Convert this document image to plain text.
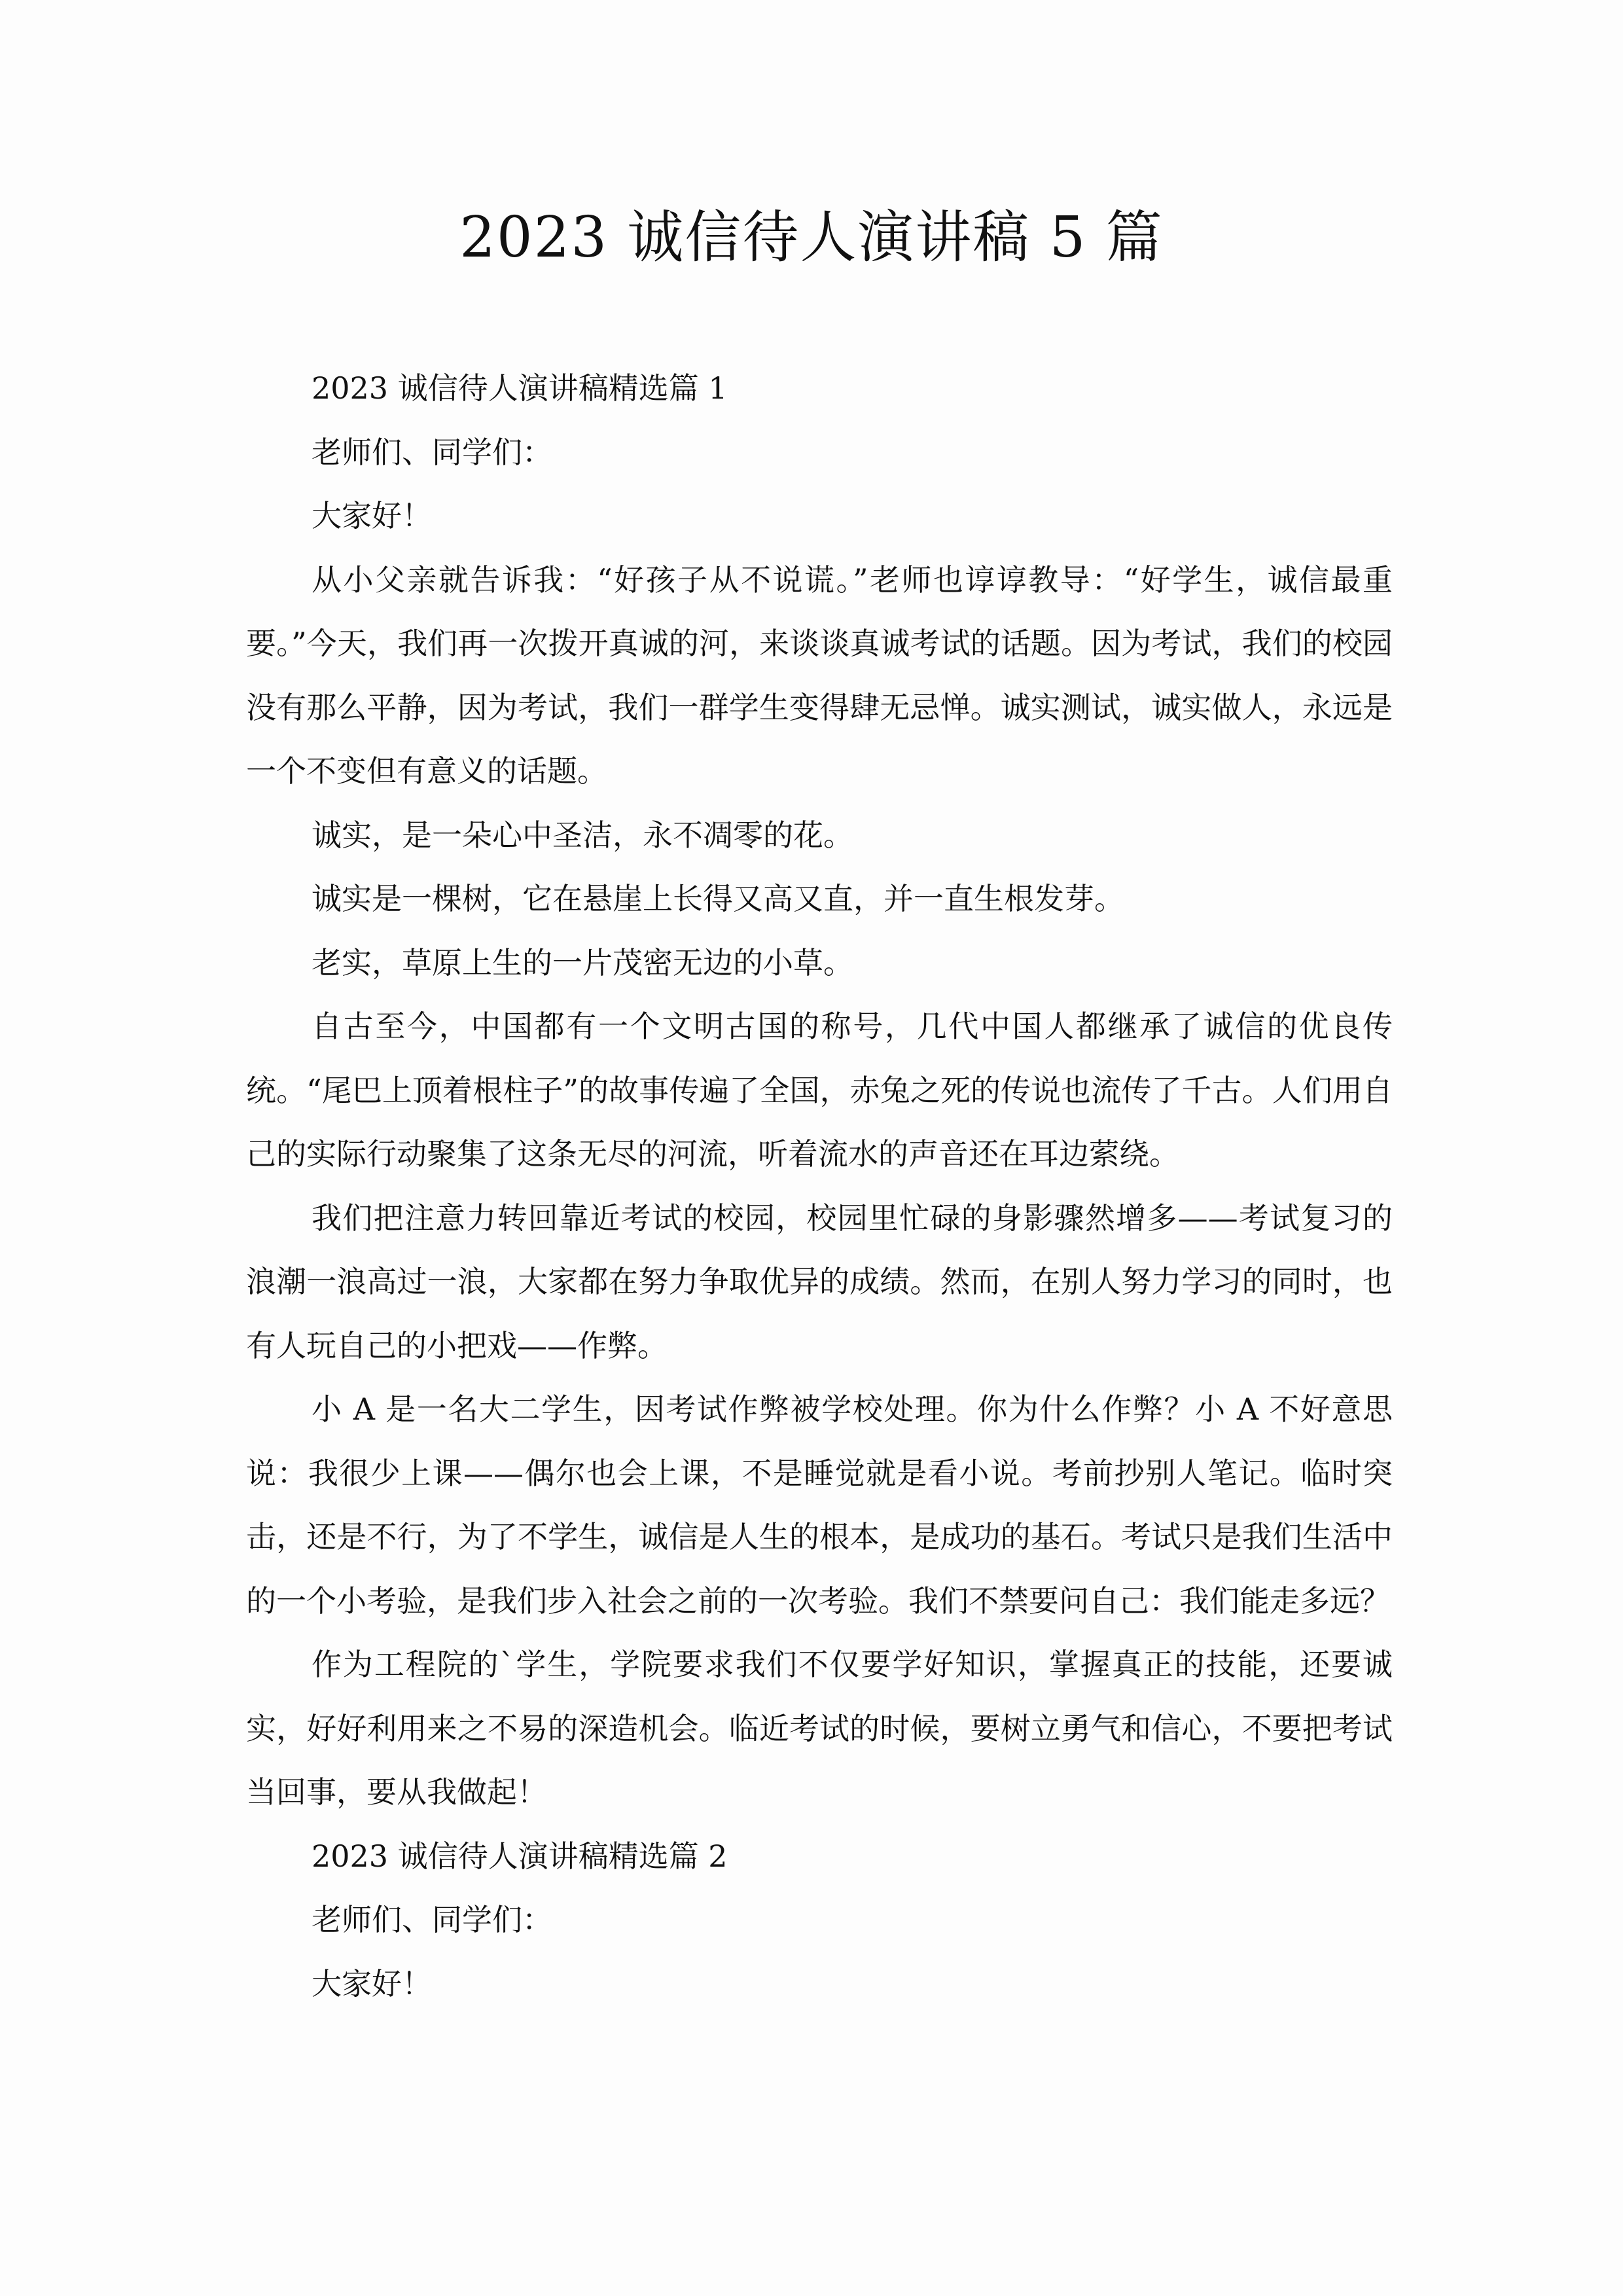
2023 诚信待人演讲稿 5 篇

2023 诚信待人演讲稿精选篇 1

老师们、同学们：

大家好！

从小父亲就告诉我：“好孩子从不说谎。”老师也谆谆教导：“好学生，诚信最重要。”今天，我们再一次拨开真诚的河，来谈谈真诚考试的话题。因为考试，我们的校园没有那么平静，因为考试，我们一群学生变得肆无忌惮。诚实测试，诚实做人，永远是一个不变但有意义的话题。

诚实，是一朵心中圣洁，永不凋零的花。

诚实是一棵树，它在悬崖上长得又高又直，并一直生根发芽。

老实，草原上生的一片茂密无边的小草。

自古至今，中国都有一个文明古国的称号，几代中国人都继承了诚信的优良传统。“尾巴上顶着根柱子”的故事传遍了全国，赤兔之死的传说也流传了千古。人们用自己的实际行动聚集了这条无尽的河流，听着流水的声音还在耳边萦绕。

我们把注意力转回靠近考试的校园，校园里忙碌的身影骤然增多——考试复习的浪潮一浪高过一浪，大家都在努力争取优异的成绩。然而，在别人努力学习的同时，也有人玩自己的小把戏——作弊。

小 A 是一名大二学生，因考试作弊被学校处理。你为什么作弊？小 A 不好意思说：我很少上课——偶尔也会上课，不是睡觉就是看小说。考前抄别人笔记。临时突击，还是不行，为了不学生，诚信是人生的根本，是成功的基石。考试只是我们生活中的一个小考验，是我们步入社会之前的一次考验。我们不禁要问自己：我们能走多远？

作为工程院的`学生，学院要求我们不仅要学好知识，掌握真正的技能，还要诚实，好好利用来之不易的深造机会。临近考试的时候，要树立勇气和信心，不要把考试当回事，要从我做起！

2023 诚信待人演讲稿精选篇 2

老师们、同学们：

大家好！
